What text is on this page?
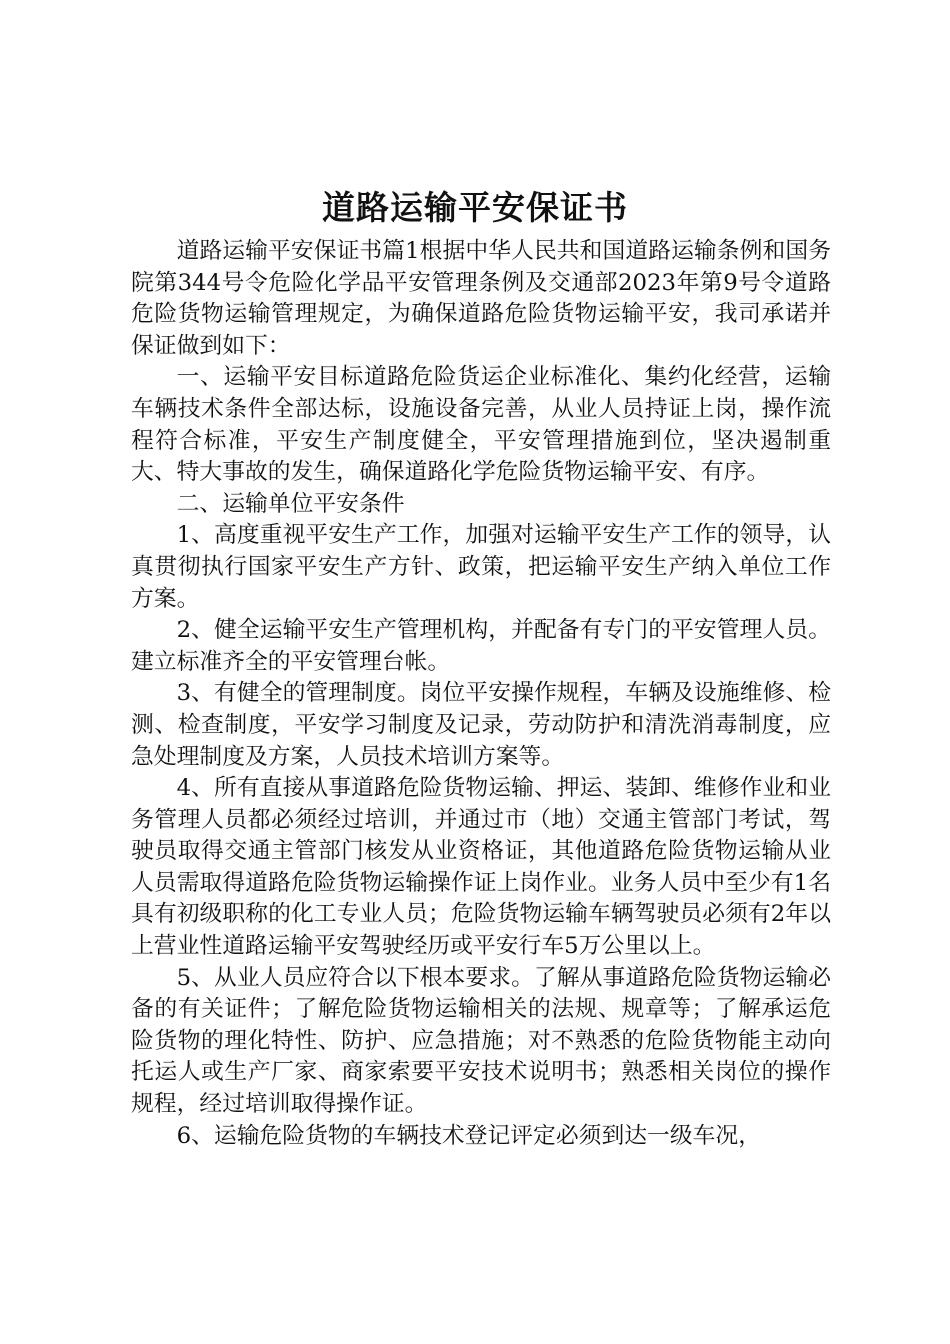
道路运输平安保证书

道路运输平安保证书篇1根据中华人民共和国道路运输条例和国务院第344号令危险化学品平安管理条例及交通部2023年第9号令道路危险货物运输管理规定，为确保道路危险货物运输平安，我司承诺并保证做到如下：

一、运输平安目标道路危险货运企业标准化、集约化经营，运输车辆技术条件全部达标，设施设备完善，从业人员持证上岗，操作流程符合标准，平安生产制度健全，平安管理措施到位，坚决遏制重大、特大事故的发生，确保道路化学危险货物运输平安、有序。

二、运输单位平安条件

1、高度重视平安生产工作，加强对运输平安生产工作的领导，认真贯彻执行国家平安生产方针、政策，把运输平安生产纳入单位工作方案。

2、健全运输平安生产管理机构，并配备有专门的平安管理人员。建立标准齐全的平安管理台帐。

3、有健全的管理制度。岗位平安操作规程，车辆及设施维修、检测、检查制度，平安学习制度及记录，劳动防护和清洗消毒制度，应急处理制度及方案，人员技术培训方案等。

4、所有直接从事道路危险货物运输、押运、装卸、维修作业和业务管理人员都必须经过培训，并通过市（地）交通主管部门考试，驾驶员取得交通主管部门核发从业资格证，其他道路危险货物运输从业人员需取得道路危险货物运输操作证上岗作业。业务人员中至少有1名具有初级职称的化工专业人员；危险货物运输车辆驾驶员必须有2年以上营业性道路运输平安驾驶经历或平安行车5万公里以上。

5、从业人员应符合以下根本要求。了解从事道路危险货物运输必备的有关证件；了解危险货物运输相关的法规、规章等；了解承运危险货物的理化特性、防护、应急措施；对不熟悉的危险货物能主动向托运人或生产厂家、商家索要平安技术说明书；熟悉相关岗位的操作规程，经过培训取得操作证。

6、运输危险货物的车辆技术登记评定必须到达一级车况，
